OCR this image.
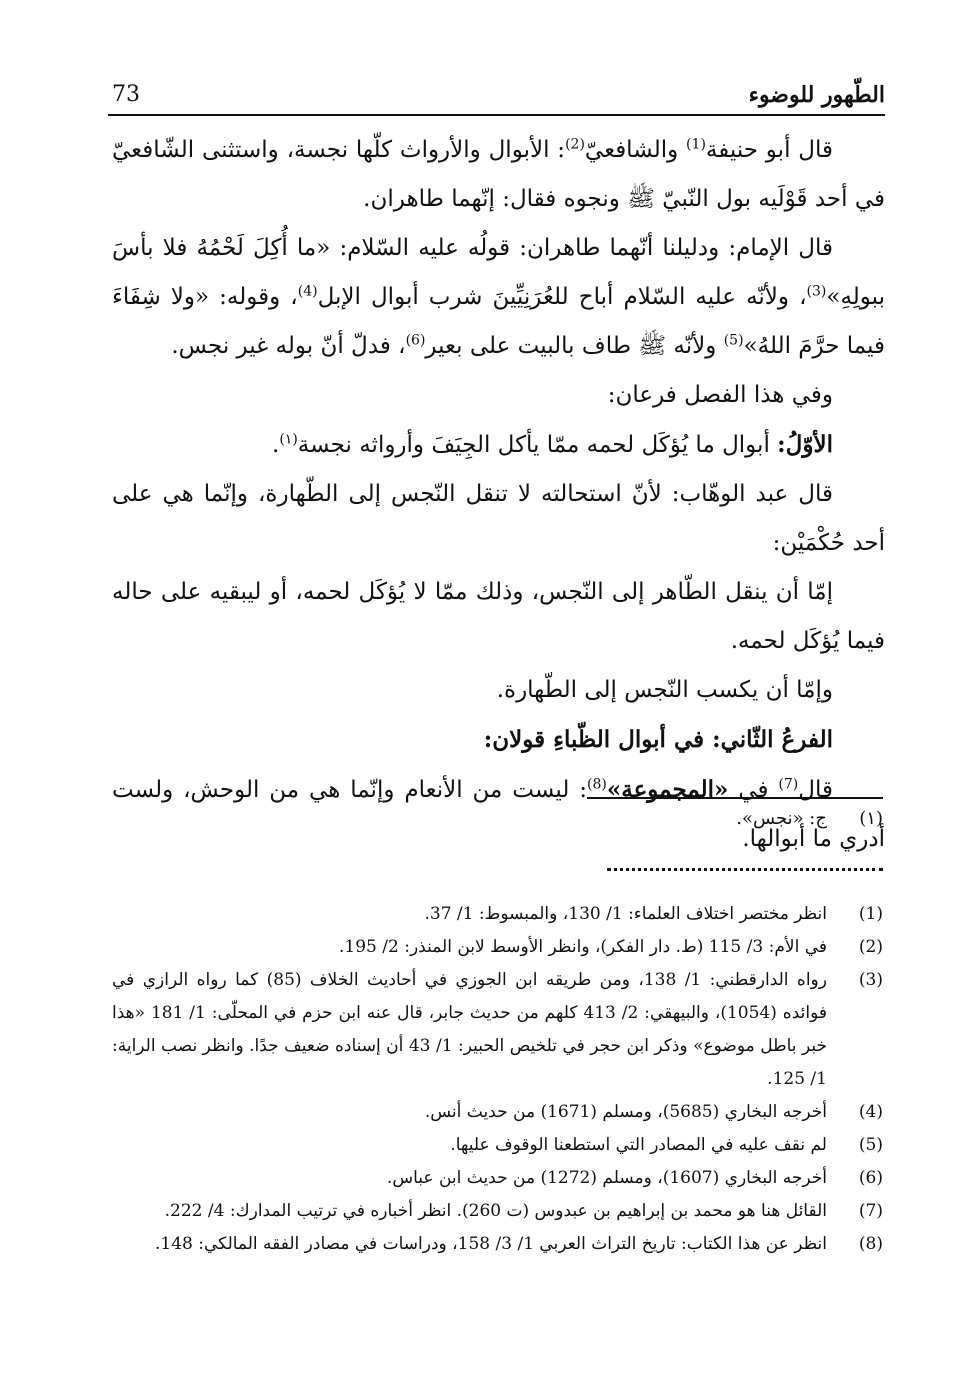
الطّهور للوضوء
73

قال أبو حنيفة$^{(1)}$ والشافعيّ$^{(2)}$: الأبوال والأرواث كلّها نجسة، واستثنى الشّافعيّ في أحد قَوْلَيه بول النّبيّ ﷺ ونجوه فقال: إنّهما طاهران.

قال الإمام: ودليلنا أنّهما طاهران: قولُه عليه السّلام: «ما أُكِلَ لَحْمُهُ فلا بأسَ ببولِهِ»$^{(3)}$، ولأنّه عليه السّلام أباح للعُرَنِيِّينَ شرب أبوال الإبل$^{(4)}$، وقوله: «ولا شِفَاءَ فيما حرَّمَ اللهُ»$^{(5)}$ ولأنّه ﷺ طاف بالبيت على بعير$^{(6)}$، فدلّ أنّ بوله غير نجس.

وفي هذا الفصل فرعان:

الأوّلُ: أبوال ما يُؤكَل لحمه ممّا يأكل الجِيَفَ وأرواثه نجسة$^{(١)}$.

قال عبد الوهّاب: لأنّ استحالته لا تنقل النّجس إلى الطّهارة، وإنّما هي على أحد حُكْمَيْن:

إمّا أن ينقل الطّاهر إلى النّجس، وذلك ممّا لا يُؤكَل لحمه، أو ليبقيه على حاله فيما يُؤكَل لحمه.

وإمّا أن يكسب النّجس إلى الطّهارة.

الفرعُ الثّاني: في أبوال الظّباءِ قولان:

قال$^{(7)}$ في «المجموعة»$^{(8)}$: ليست من الأنعام وإنّما هي من الوحش، ولست أدري ما أبوالها.

(١)
ج: «نجس».
(1)
انظر مختصر اختلاف العلماء: 1/ 130، والمبسوط: 1/ 37.
(2)
في الأم: 3/ 115 (ط. دار الفكر)، وانظر الأوسط لابن المنذر: 2/ 195.
(3)
رواه الدارقطني: 1/ 138، ومن طريقه ابن الجوزي في أحاديث الخلاف (85) كما رواه الرازي في فوائده (1054)، والبيهقي: 2/ 413 كلهم من حديث جابر، قال عنه ابن حزم في المحلّى: 1/ 181 «هذا خبر باطل موضوع» وذكر ابن حجر في تلخيص الحبير: 1/ 43 أن إسناده ضعيف جدًا. وانظر نصب الراية: 1/ 125.
(4)
أخرجه البخاري (5685)، ومسلم (1671) من حديث أنس.
(5)
لم نقف عليه في المصادر التي استطعنا الوقوف عليها.
(6)
أخرجه البخاري (1607)، ومسلم (1272) من حديث ابن عباس.
(7)
القائل هنا هو محمد بن إبراهيم بن عبدوس (ت 260). انظر أخباره في ترتيب المدارك: 4/ 222.
(8)
انظر عن هذا الكتاب: تاريخ التراث العربي 1/ 3/ 158، ودراسات في مصادر الفقه المالكي: 148.
